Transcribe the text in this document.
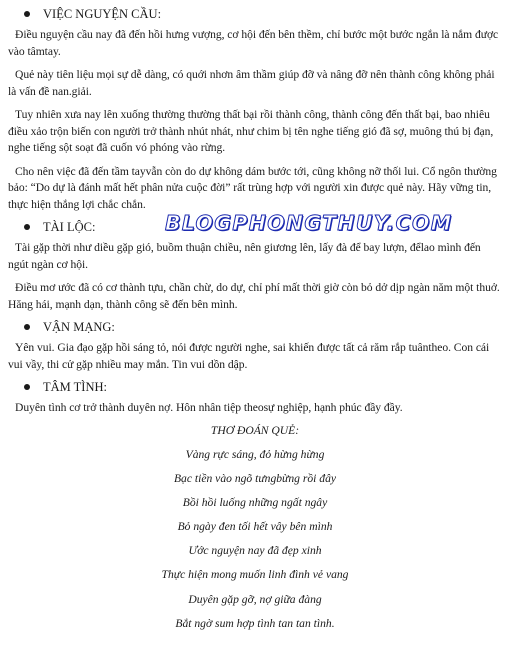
VIỆC NGUYỆN CẦU:

Điều nguyện cầu nay đã đến hồi hưng vượng, cơ hội đến bên thềm, chỉ bước một bước ngắn là nắm được vào tâmtay.

Quẻ này tiên liệu mọi sự dễ dàng, có quới nhơn âm thầm giúp đỡ và nâng đỡ nên thành công không phải là vấn đề nan.giải.

Tuy nhiên xưa nay lên xuống thường thường thất bại rồi thành công, thành công đến thất bại, bao nhiêu điều xảo trộn biến con người trở thành nhút nhát, như chim bị tên nghe tiếng gió đã sợ, muông thú bị đạn, nghe tiếng sột soạt đã cuốn vó phóng vào rừng.

Cho nên việc đã đến tầm tayvẫn còn do dự không dám bước tới, cũng không nỡ thối lui. Cổ ngôn thường bảo: “Do dự là đánh mất hết phân nửa cuộc đời” rất trùng hợp với người xin được quẻ này. Hãy vững tin, thực hiện thắng lợi chắc chắn.

TÀI LỘC:

Tài gặp thời như diều gặp gió, buồm thuận chiều, nên giương lên, lấy đà để bay lượn, đểlao mình đến ngút ngàn cơ hội.

Điều mơ ước đã có cơ thành tựu, chần chừ, do dự, chỉ phí mất thời giờ còn bỏ dở dịp ngàn năm một thuở. Hăng hái, mạnh dạn, thành công sẽ đến bên mình.

VẬN MẠNG:

Yên vui. Gia đạo gặp hồi sáng tỏ, nói được người nghe, sai khiến được tất cả răm rắp tuântheo. Con cái vui vầy, thi cử gặp nhiều may mắn. Tin vui dồn dập.

TÂM TÌNH:

Duyên tình cơ trở thành duyên nợ. Hôn nhân tiệp theosự nghiệp, hạnh phúc đầy đầy.

THƠ ĐOÁN QUẺ:
Vàng rực sáng, đỏ hừng hừng
Bạc tiền vào ngõ tưngbừng rồi đây
Bồi hồi luống những ngất ngây
Bỏ ngày đen tối hết vây bên mình
Ước nguyện nay đã đẹp xinh
Thực hiện mong muốn linh đình vẻ vang
Duyên gặp gỡ, nợ giữa đàng
Bắt ngờ sum hợp tình tan tan tình.
BLOGPHONGTHUY.COM
